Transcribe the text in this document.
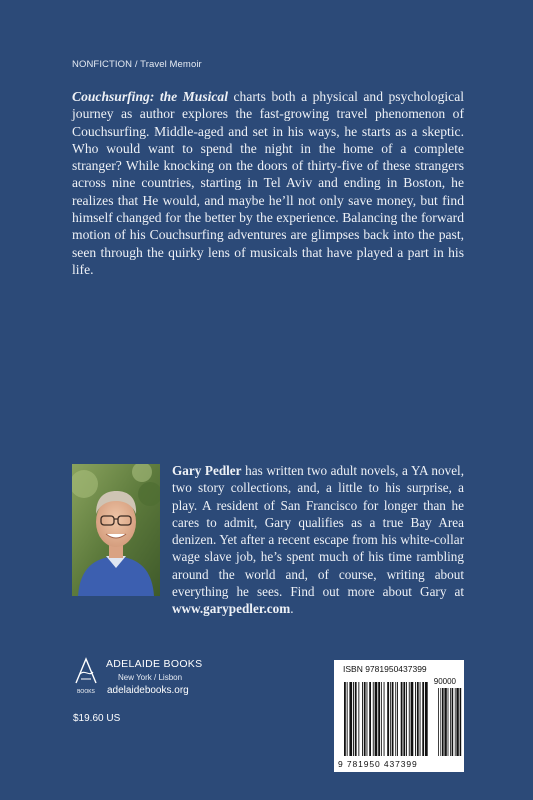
NONFICTION / Travel Memoir
Couchsurfing: the Musical charts both a physical and psychological journey as author explores the fast-growing travel phenomenon of Couchsurfing. Middle-aged and set in his ways, he starts as a skeptic. Who would want to spend the night in the home of a complete stranger? While knocking on the doors of thirty-five of these strangers across nine countries, starting in Tel Aviv and ending in Boston, he realizes that He would, and maybe he’ll not only save money, but find himself changed for the better by the experience. Balancing the forward motion of his Couchsurfing adventures are glimpses back into the past, seen through the quirky lens of musicals that have played a part in his life.
Gary Pedler has written two adult novels, a YA novel, two story collections, and, a little to his surprise, a play. A resident of San Francisco for longer than he cares to admit, Gary qualifies as a true Bay Area denizen. Yet after a recent escape from his white-collar wage slave job, he’s spent much of his time rambling around the world and, of course, writing about everything he sees. Find out more about Gary at www.garypedler.com.
BOOKS
ADELAIDE BOOKS
New York / Lisbon
adelaidebooks.org
$19.60 US
ISBN 9781950437399
90000
9 781950 437399
